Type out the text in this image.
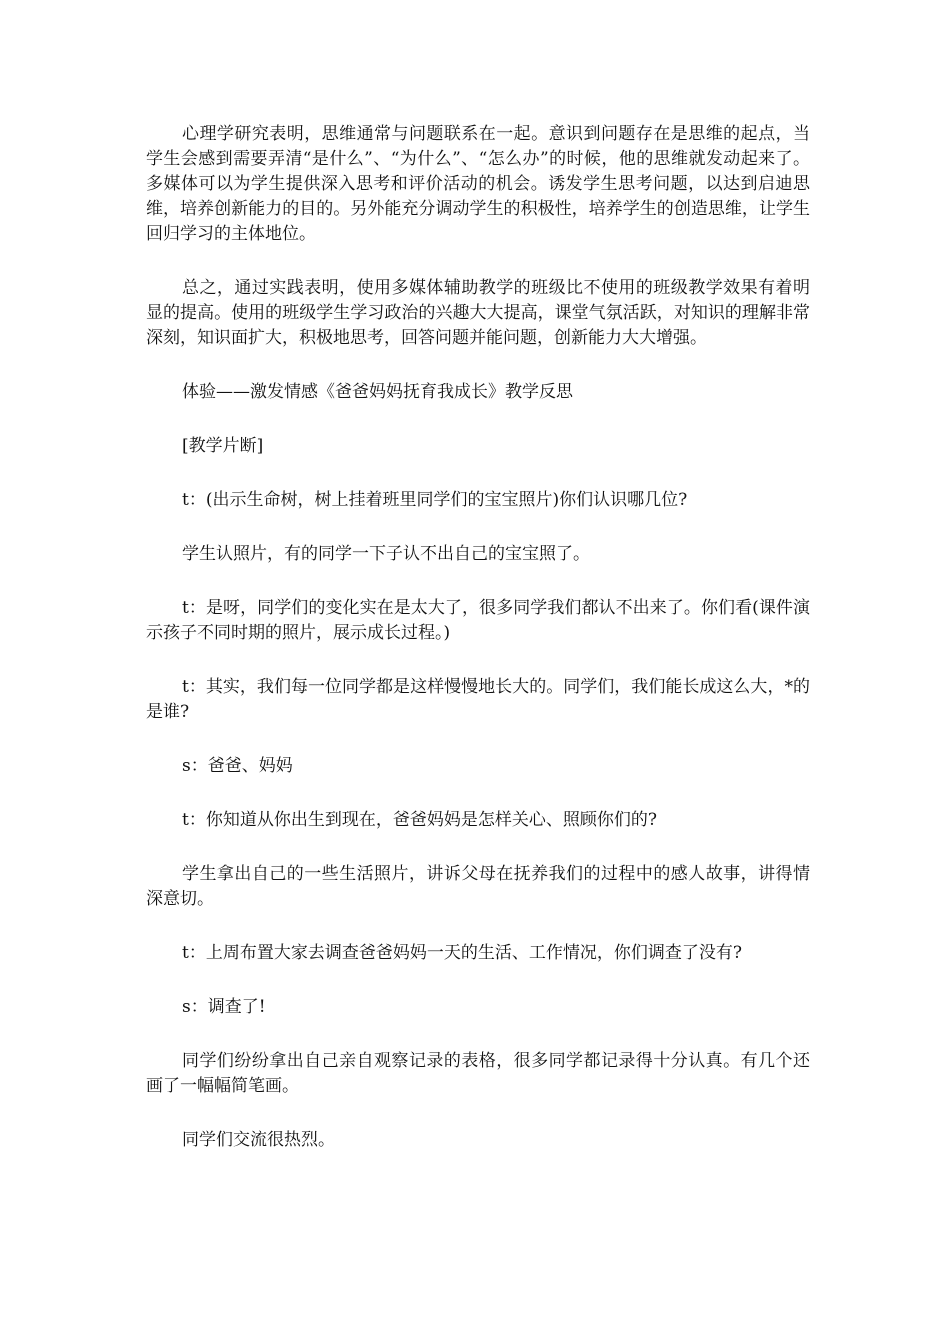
心理学研究表明，思维通常与问题联系在一起。意识到问题存在是思维的起点，当学生会感到需要弄清“是什么”、“为什么”、“怎么办”的时候，他的思维就发动起来了。多媒体可以为学生提供深入思考和评价活动的机会。诱发学生思考问题，以达到启迪思维，培养创新能力的目的。另外能充分调动学生的积极性，培养学生的创造思维，让学生回归学习的主体地位。

总之，通过实践表明，使用多媒体辅助教学的班级比不使用的班级教学效果有着明显的提高。使用的班级学生学习政治的兴趣大大提高，课堂气氛活跃，对知识的理解非常深刻，知识面扩大，积极地思考，回答问题并能问题，创新能力大大增强。

体验——激发情感《爸爸妈妈抚育我成长》教学反思

[教学片断]

t：(出示生命树，树上挂着班里同学们的宝宝照片)你们认识哪几位?

学生认照片，有的同学一下子认不出自己的宝宝照了。

t：是呀，同学们的变化实在是太大了，很多同学我们都认不出来了。你们看(课件演示孩子不同时期的照片，展示成长过程。)

t：其实，我们每一位同学都是这样慢慢地长大的。同学们，我们能长成这么大，*的是谁?

s：爸爸、妈妈

t：你知道从你出生到现在，爸爸妈妈是怎样关心、照顾你们的?

学生拿出自己的一些生活照片，讲诉父母在抚养我们的过程中的感人故事，讲得情深意切。

t：上周布置大家去调查爸爸妈妈一天的生活、工作情况，你们调查了没有?

s：调查了!

同学们纷纷拿出自己亲自观察记录的表格，很多同学都记录得十分认真。有几个还画了一幅幅简笔画。

同学们交流很热烈。
